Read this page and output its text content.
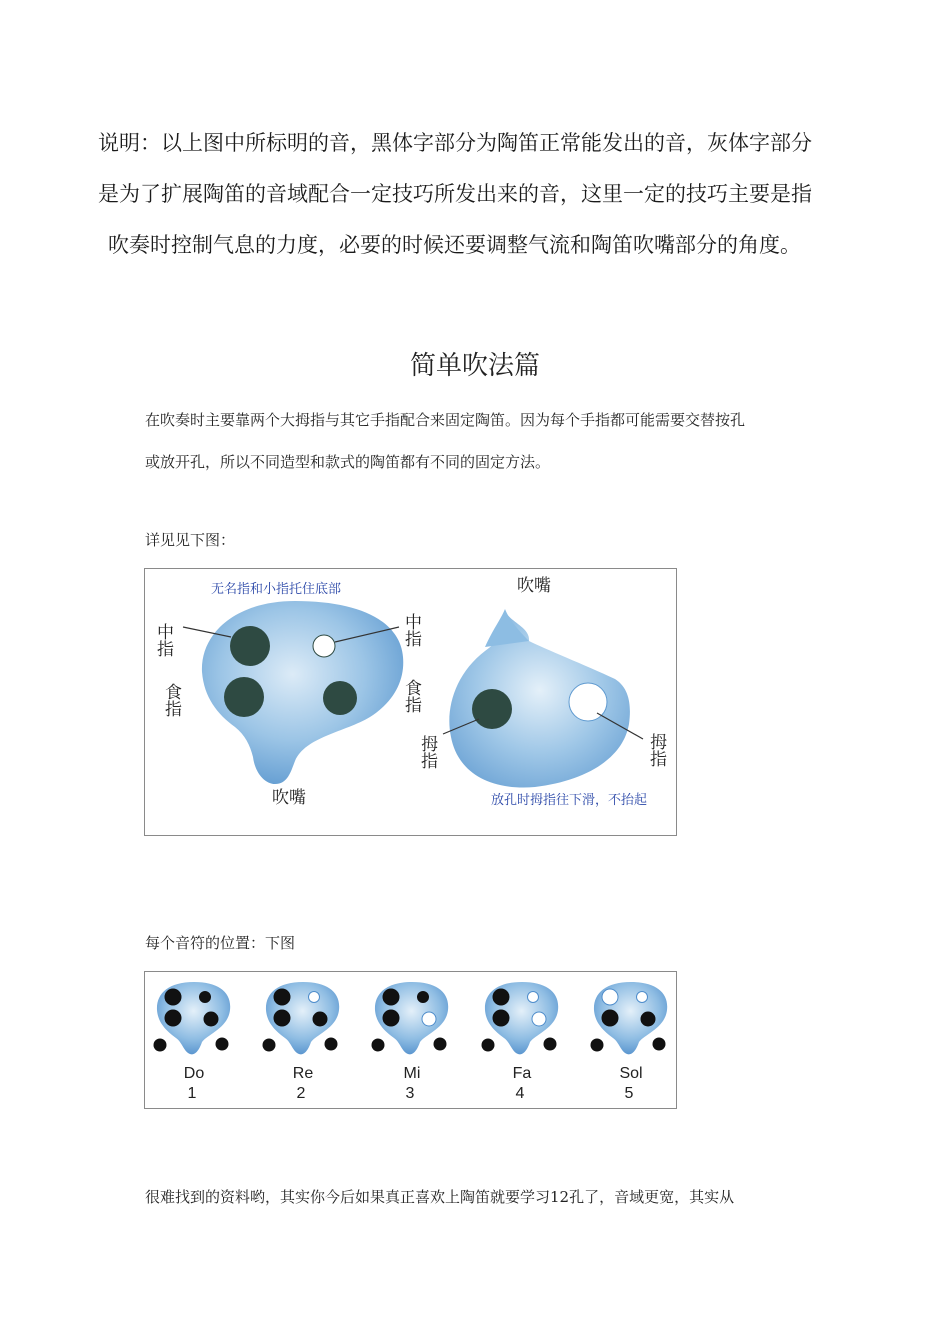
说明：以上图中所标明的音，黑体字部分为陶笛正常能发出的音，灰体字部分

是为了扩展陶笛的音域配合一定技巧所发出来的音，这里一定的技巧主要是指

吹奏时控制气息的力度，必要的时候还要调整气流和陶笛吹嘴部分的角度。

简单吹法篇
在吹奏时主要靠两个大拇指与其它手指配合来固定陶笛。因为每个手指都可能需要交替按孔
或放开孔，所以不同造型和款式的陶笛都有不同的固定方法。
详见见下图：
无名指和小指托住底部
中指	中指
食指	食指
吹嘴
吹嘴
拇指	拇指
放孔时拇指往下滑，不抬起
每个音符的位置：下图
Do
1
Re
2
Mi
3
Fa
4
Sol
5
很难找到的资料哟，其实你今后如果真正喜欢上陶笛就要学习12孔了，音域更宽，其实从
